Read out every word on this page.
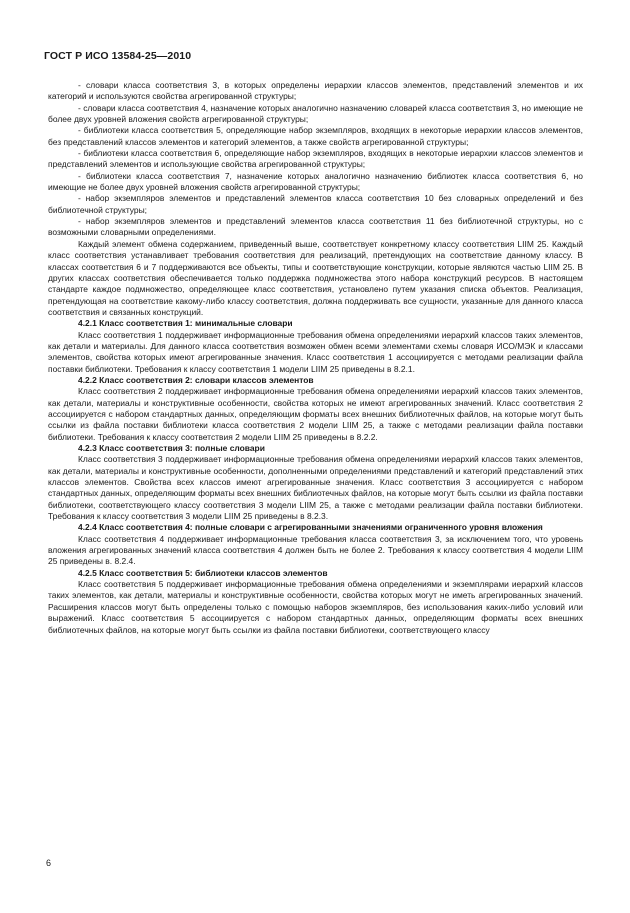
ГОСТ Р ИСО 13584-25—2010

- словари класса соответствия 3, в которых определены иерархии классов элементов, представлений элементов и их категорий и используются свойства агрегированной структуры;

- словари класса соответствия 4, назначение которых аналогично назначению словарей класса соответствия 3, но имеющие не более двух уровней вложения свойств агрегированной структуры;

- библиотеки класса соответствия 5, определяющие набор экземпляров, входящих в некоторые иерархии классов элементов, без представлений классов элементов и категорий элементов, а также свойств агрегированной структуры;

- библиотеки класса соответствия 6, определяющие набор экземпляров, входящих в некоторые иерархии классов элементов и представлений элементов и использующие свойства агрегированной структуры;

- библиотеки класса соответствия 7, назначение которых аналогично назначению библиотек класса соответствия 6, но имеющие не более двух уровней вложения свойств агрегированной структуры;

- набор экземпляров элементов и представлений элементов класса соответствия 10 без словарных определений и без библиотечной структуры;

- набор экземпляров элементов и представлений элементов класса соответствия 11 без библиотечной структуры, но с возможными словарными определениями.

Каждый элемент обмена содержанием, приведенный выше, соответствует конкретному классу соответствия LIIM 25. Каждый класс соответствия устанавливает требования соответствия для реализаций, претендующих на соответствие данному классу. В классах соответствия 6 и 7 поддерживаются все объекты, типы и соответствующие конструкции, которые являются частью LIIM 25. В других классах соответствия обеспечивается только поддержка подмножества этого набора конструкций ресурсов. В настоящем стандарте каждое подмножество, определяющее класс соответствия, установлено путем указания списка объектов. Реализация, претендующая на соответствие какому-либо классу соответствия, должна поддерживать все сущности, указанные для данного класса соответствия и связанных конструкций.

4.2.1 Класс соответствия 1: минимальные словари

Класс соответствия 1 поддерживает информационные требования обмена определениями иерархий классов таких элементов, как детали и материалы. Для данного класса соответствия возможен обмен всеми элементами схемы словаря ИСО/МЭК и классами элементов, свойства которых имеют агрегированные значения. Класс соответствия 1 ассоциируется с методами реализации файла поставки библиотеки. Требования к классу соответствия 1 модели LIIM 25 приведены в 8.2.1.

4.2.2 Класс соответствия 2: словари классов элементов

Класс соответствия 2 поддерживает информационные требования обмена определениями иерархий классов таких элементов, как детали, материалы и конструктивные особенности, свойства которых не имеют агрегированных значений. Класс соответствия 2 ассоциируется с набором стандартных данных, определяющим форматы всех внешних библиотечных файлов, на которые могут быть ссылки из файла поставки библиотеки класса соответствия 2 модели LIIM 25, а также с методами реализации файла поставки библиотеки. Требования к классу соответствия 2 модели LIIM 25 приведены в 8.2.2.

4.2.3 Класс соответствия 3: полные словари

Класс соответствия 3 поддерживает информационные требования обмена определениями иерархий классов таких элементов, как детали, материалы и конструктивные особенности, дополненными определениями представлений и категорий представлений этих классов элементов. Свойства всех классов имеют агрегированные значения. Класс соответствия 3 ассоциируется с набором стандартных данных, определяющим форматы всех внешних библиотечных файлов, на которые могут быть ссылки из файла поставки библиотеки, соответствующего классу соответствия 3 модели LIIM 25, а также с методами реализации файла поставки библиотеки. Требования к классу соответствия 3 модели LIIM 25 приведены в 8.2.3.

4.2.4 Класс соответствия 4: полные словари с агрегированными значениями ограниченного уровня вложения

Класс соответствия 4 поддерживает информационные требования класса соответствия 3, за исключением того, что уровень вложения агрегированных значений класса соответствия 4 должен быть не более 2. Требования к классу соответствия 4 модели LIIM 25 приведены в. 8.2.4.

4.2.5 Класс соответствия 5: библиотеки классов элементов

Класс соответствия 5 поддерживает информационные требования обмена определениями и экземплярами иерархий классов таких элементов, как детали, материалы и конструктивные особенности, свойства которых могут не иметь агрегированных значений. Расширения классов могут быть определены только с помощью наборов экземпляров, без использования каких-либо условий или выражений. Класс соответствия 5 ассоциируется с набором стандартных данных, определяющим форматы всех внешних библиотечных файлов, на которые могут быть ссылки из файла поставки библиотеки, соответствующего классу

6
